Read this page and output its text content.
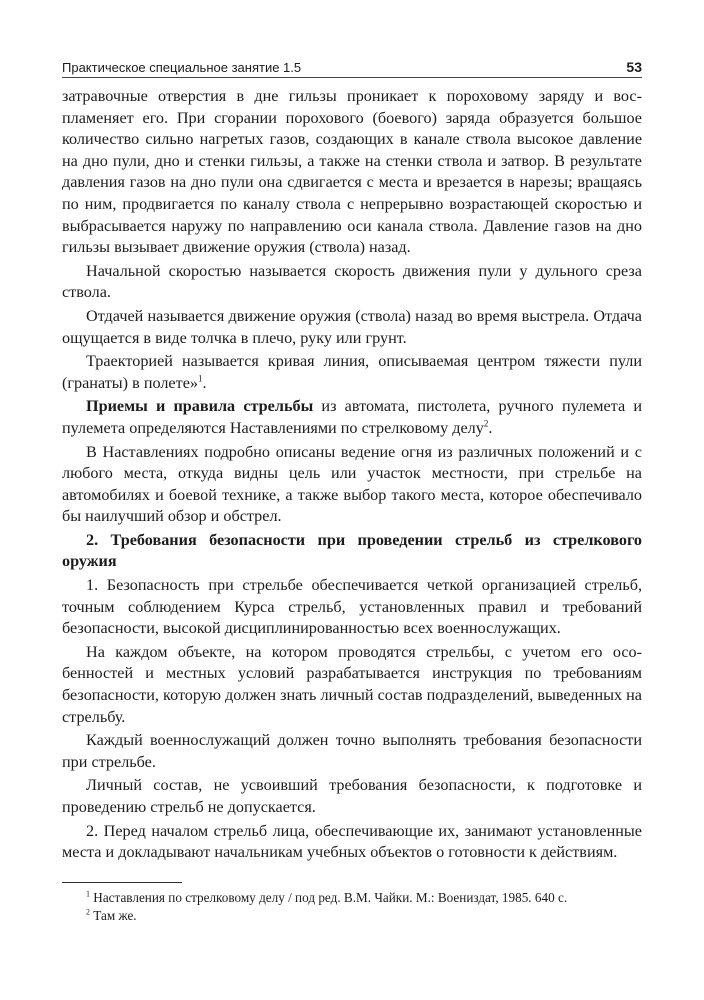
Практическое специальное занятие 1.5	53

затравочные отверстия в дне гильзы проникает к пороховому заряду и воспламеняет его. При сгорании порохового (боевого) заряда образуется большое количество сильно нагретых газов, создающих в канале ствола высокое давление на дно пули, дно и стенки гильзы, а также на стенки ствола и затвор. В результате давления газов на дно пули она сдвигается с места и врезается в нарезы; вращаясь по ним, продвигается по каналу ствола с непрерывно возрастающей скоростью и выбрасывается наружу по направлению оси канала ствола. Давление газов на дно гильзы вызывает движение оружия (ствола) назад.

Начальной скоростью называется скорость движения пули у дульного среза ствола.

Отдачей называется движение оружия (ствола) назад во время выстрела. Отдача ощущается в виде толчка в плечо, руку или грунт.

Траекторией называется кривая линия, описываемая центром тяжести пули (гранаты) в полете»$^1$.

Приемы и правила стрельбы из автомата, пистолета, ручного пулемета и пулемета определяются Наставлениями по стрелковому делу$^2$.

В Наставлениях подробно описаны ведение огня из различных положений и с любого места, откуда видны цель или участок местности, при стрельбе на автомобилях и боевой технике, а также выбор такого места, которое обеспечивало бы наилучший обзор и обстрел.

2. Требования безопасности при проведении стрельб из стрелкового оружия

1. Безопасность при стрельбе обеспечивается четкой организацией стрельб, точным соблюдением Курса стрельб, установленных правил и требований безопасности, высокой дисциплинированностью всех военнослужащих.

На каждом объекте, на котором проводятся стрельбы, с учетом его особенностей и местных условий разрабатывается инструкция по требованиям безопасности, которую должен знать личный состав подразделений, выведенных на стрельбу.

Каждый военнослужащий должен точно выполнять требования безопасности при стрельбе.

Личный состав, не усвоивший требования безопасности, к подготовке и проведению стрельб не допускается.

2. Перед началом стрельб лица, обеспечивающие их, занимают установленные места и докладывают начальникам учебных объектов о готовности к действиям.

$^1$ Наставления по стрелковому делу / под ред. В.М. Чайки. М.: Воениздат, 1985. 640 с.

$^2$ Там же.
